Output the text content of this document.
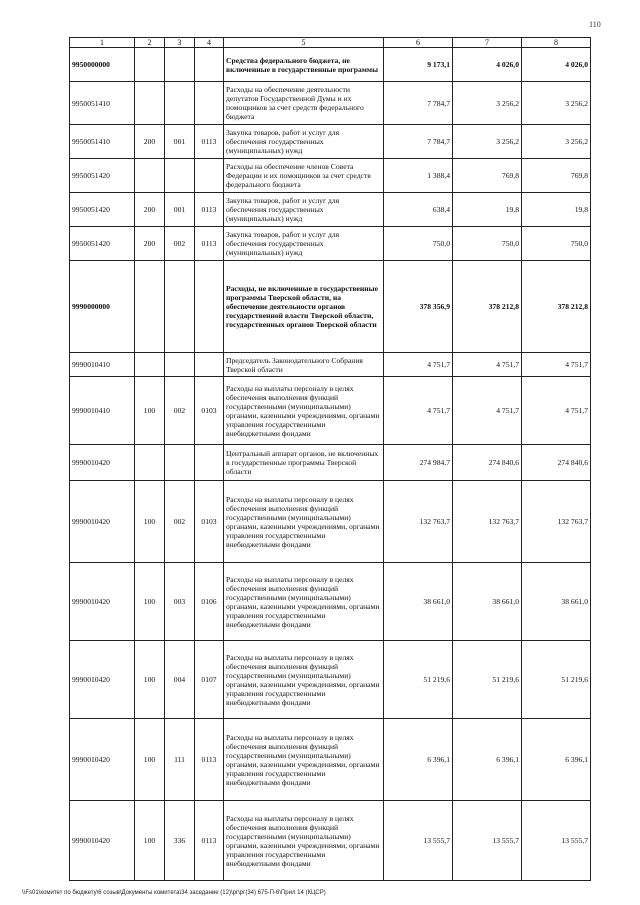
110
1	2	3	4	5	6	7	8
9950000000				Средства федерального бюджета, не включенные в государственные программы	9 173,1	4 026,0	4 026,0
9950051410				Расходы на обеспечение деятельности депутатов Государственной Думы и их помощников за счет средств федерального бюджета	7 784,7	3 256,2	3 256,2
9950051410	200	001	0113	Закупка товаров, работ и услуг для обеспечения государственных (муниципальных) нужд	7 784,7	3 256,2	3 256,2
9950051420				Расходы на обеспечение членов Совета Федерации и их помощников за счет средств федерального бюджета	1 388,4	769,8	769,8
9950051420	200	001	0113	Закупка товаров, работ и услуг для обеспечения государственных (муниципальных) нужд	638,4	19,8	19,8
9950051420	200	002	0113	Закупка товаров, работ и услуг для обеспечения государственных (муниципальных) нужд	750,0	750,0	750,0
9990000000				Расходы, не включенные в государственные программы Тверской области, на обеспечение деятельности органов государственной власти Тверской области, государственных органов Тверской области	378 356,9	378 212,8	378 212,8
9990010410				Председатель Законодательного Собрания Тверской области	4 751,7	4 751,7	4 751,7
9990010410	100	002	0103	Расходы на выплаты персоналу в целях обеспечения выполнения функций государственными (муниципальными) органами, казенными учреждениями, органами управления государственными внебюджетными фондами	4 751,7	4 751,7	4 751,7
9990010420				Центральный аппарат органов, не включенных в государственные программы Тверской области	274 984,7	274 840,6	274 840,6
9990010420	100	002	0103	Расходы на выплаты персоналу в целях обеспечения выполнения функций государственными (муниципальными) органами, казенными учреждениями, органами управления государственными внебюджетными фондами	132 763,7	132 763,7	132 763,7
9990010420	100	003	0106	Расходы на выплаты персоналу в целях обеспечения выполнения функций государственными (муниципальными) органами, казенными учреждениями, органами управления государственными внебюджетными фондами	38 661,0	38 661,0	38 661,0
9990010420	100	004	0107	Расходы на выплаты персоналу в целях обеспечения выполнения функций государственными (муниципальными) органами, казенными учреждениями, органами управления государственными внебюджетными фондами	51 219,6	51 219,6	51 219,6
9990010420	100	111	0113	Расходы на выплаты персоналу в целях обеспечения выполнения функций государственными (муниципальными) органами, казенными учреждениями, органами управления государственными внебюджетными фондами	6 396,1	6 396,1	6 396,1
9990010420	100	336	0113	Расходы на выплаты персоналу в целях обеспечения выполнения функций государственными (муниципальными) органами, казенными учреждениями, органами управления государственными внебюджетными фондами	13 555,7	13 555,7	13 555,7
\\Fs01\комитет по бюджету\6 созыв\Документы комитета\34 заседание (12)\рг\рг(34) 675-П-6\Прил 14 (КЦСР)
